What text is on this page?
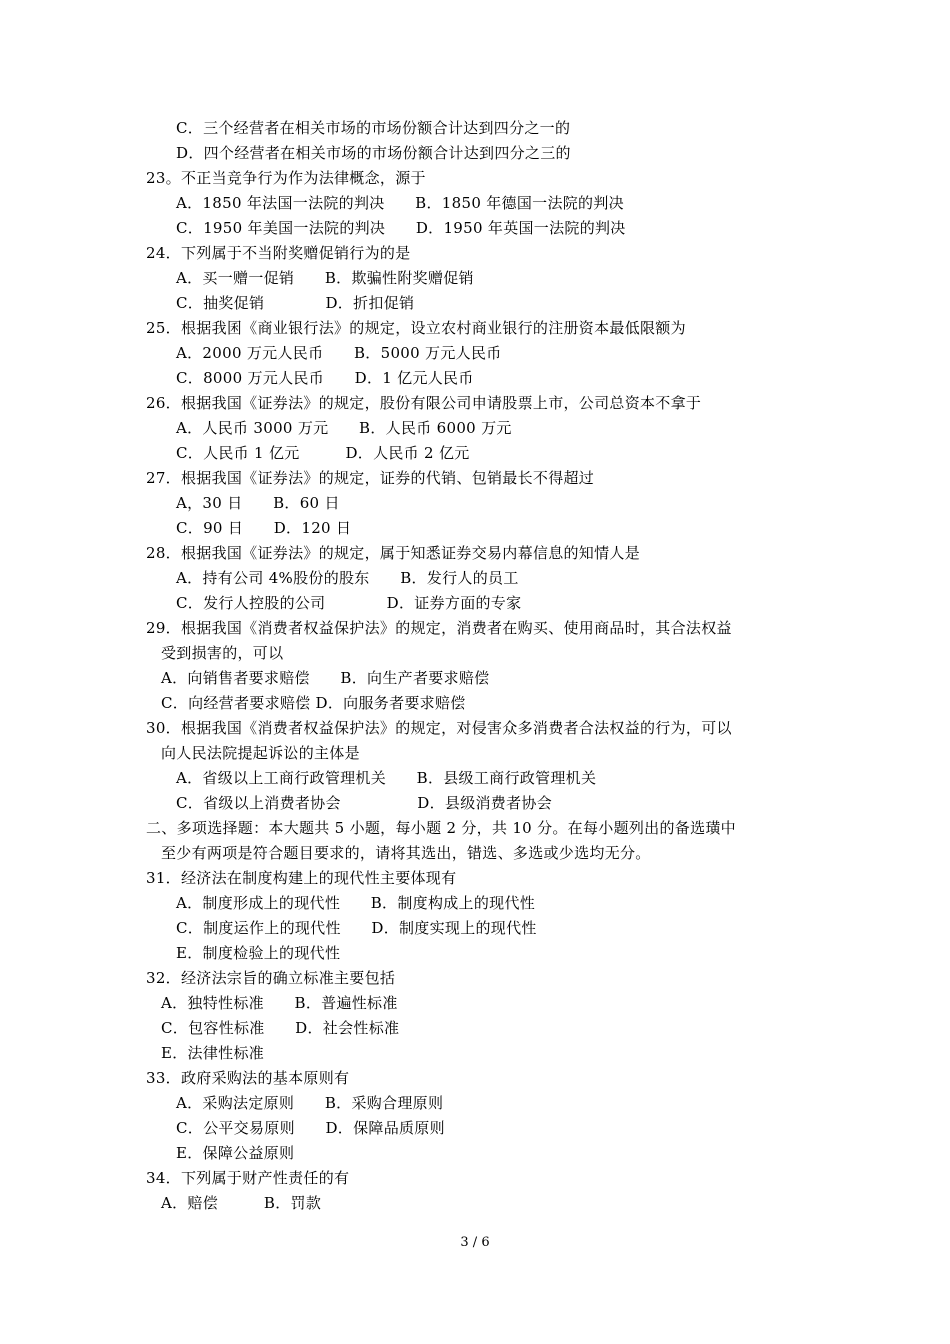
C．三个经营者在相关市场的市场份额合计达到四分之一的
D．四个经营者在相关市场的市场份额合计达到四分之三的
23。不正当竞争行为作为法律概念，源于
A．1850 年法国一法院的判决　　B．1850 年德国一法院的判决
C．1950 年美国一法院的判决　　D．1950 年英国一法院的判决
24．下列属于不当附奖赠促销行为的是
A．买一赠一促销　　B．欺骗性附奖赠促销
C．抽奖促销　　　　D．折扣促销
25．根据我囷《商业银行法》的规定，设立农村商业银行的注册资本最低限额为
A．2000 万元人民币　　B．5000 万元人民币
C．8000 万元人民币　　D．1 亿元人民币
26．根据我国《证券法》的规定，股份有限公司申请股票上市，公司总资本不拿于
A．人民币 3000 万元　　B．人民币 6000 万元
C．人民币 1 亿元　　　D．人民币 2 亿元
27．根据我国《证券法》的规定，证券的代销、包销最长不得超过
A，30 日　　B．60 日
C．90 日　　D．120 日
28．根据我国《证券法》的规定，属于知悉证券交易内幕信息的知情人是
A．持有公司 4%股份的股东　　B．发行人的员工
C．发行人控股的公司　　　　D．证券方面的专家
29．根据我国《消费者权益保护法》的规定，消费者在购买、使用商品时，其合法权益
受到损害的，可以
A．向销售者要求赔偿　　B．向生产者要求赔偿
C．向经营者要求赔偿 D．向服务者要求赔偿
30．根据我国《消费者权益保护法》的规定，对侵害众多消费者合法权益的行为，可以
向人民法院提起诉讼的主体是
A．省级以上工商行政管理机关　　B．县级工商行政管理机关
C．省级以上消费者协会　　　　　D．县级消费者协会
二、多项选择题：本大题共 5 小题，每小题 2 分，共 10 分。在每小题列出的备选璜中
至少有两项是符合题目要求的，请将其选出，错选、多选或少选均无分。
31．经济法在制度构建上的现代性主要体现有
A．制度形成上的现代性　　B．制度构成上的现代性
C．制度运作上的现代性　　D．制度实现上的现代性
E．制度检验上的现代性
32．经济法宗旨的确立标准主要包括
A．独特性标准　　B．普遍性标准
C．包容性标准　　D．社会性标准
E．法律性标准
33．政府采购法的基本原则有
A．采购法定原则　　B．采购合理原则
C．公平交易原则　　D．保障品质原则
E．保障公益原则
34．下列属于财产性责任的有
A．赔偿　　　B．罚款
3 / 6
